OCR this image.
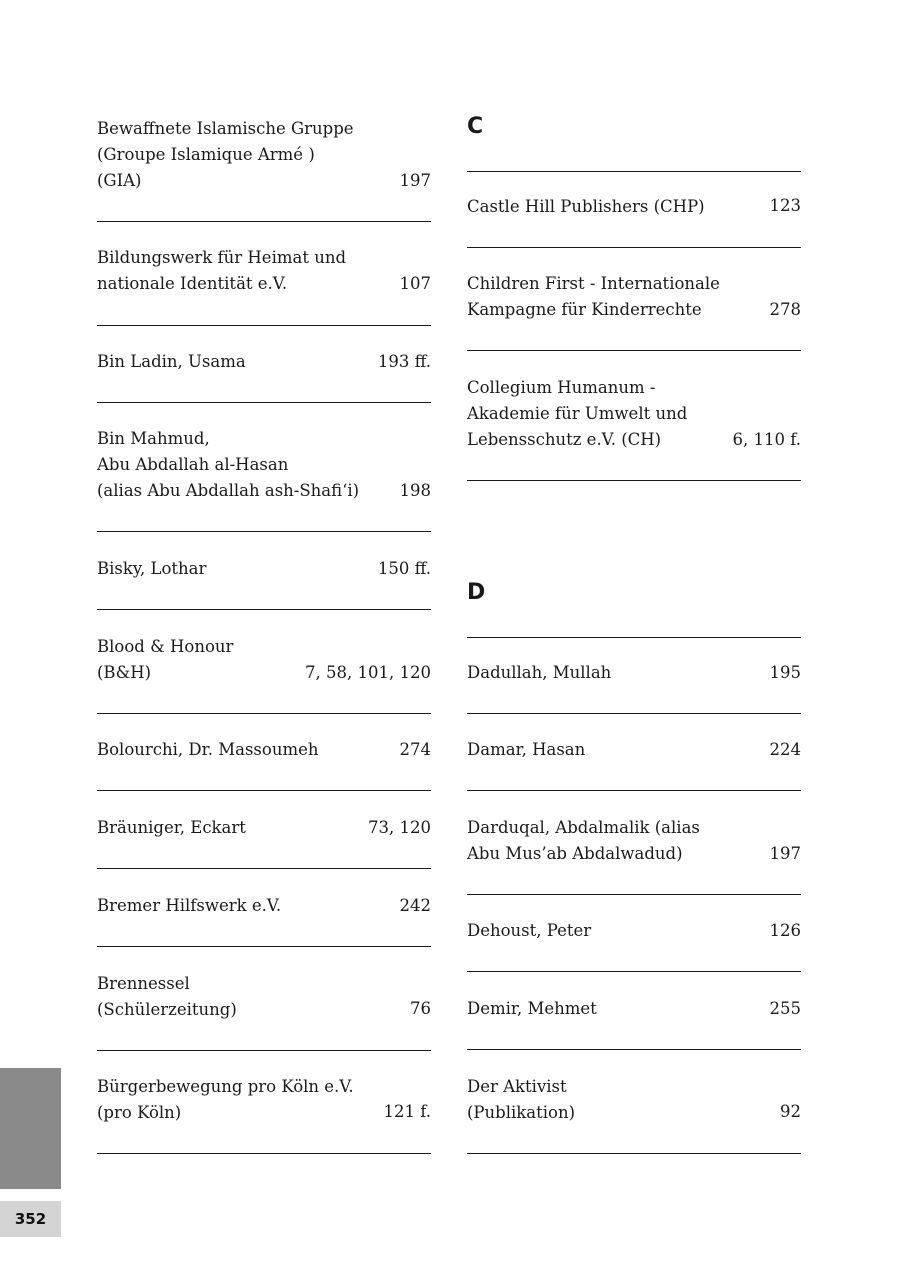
Bewaffnete Islamische Gruppe
(Groupe Islamique Armé )
(GIA)	197
Bildungswerk für Heimat und
nationale Identität e.V.	107
Bin Ladin, Usama	193 ff.
Bin Mahmud,
Abu Abdallah al-Hasan
(alias Abu Abdallah ash-Shafi‘i)	198
Bisky, Lothar	150 ff.
Blood & Honour
(B&H)	7, 58, 101, 120
Bolourchi, Dr. Massoumeh	274
Bräuniger, Eckart	73, 120
Bremer Hilfswerk e.V.	242
Brennessel
(Schülerzeitung)	76
Bürgerbewegung pro Köln e.V.
(pro Köln)	121 f.
C
Castle Hill Publishers (CHP)	123
Children First - Internationale
Kampagne für Kinderrechte	278
Collegium Humanum -
Akademie für Umwelt und
Lebensschutz e.V. (CH)	6, 110 f.
D
Dadullah, Mullah	195
Damar, Hasan	224
Darduqal, Abdalmalik (alias
Abu Mus’ab Abdalwadud)	197
Dehoust, Peter	126
Demir, Mehmet	255
Der Aktivist
(Publikation)	92
352
